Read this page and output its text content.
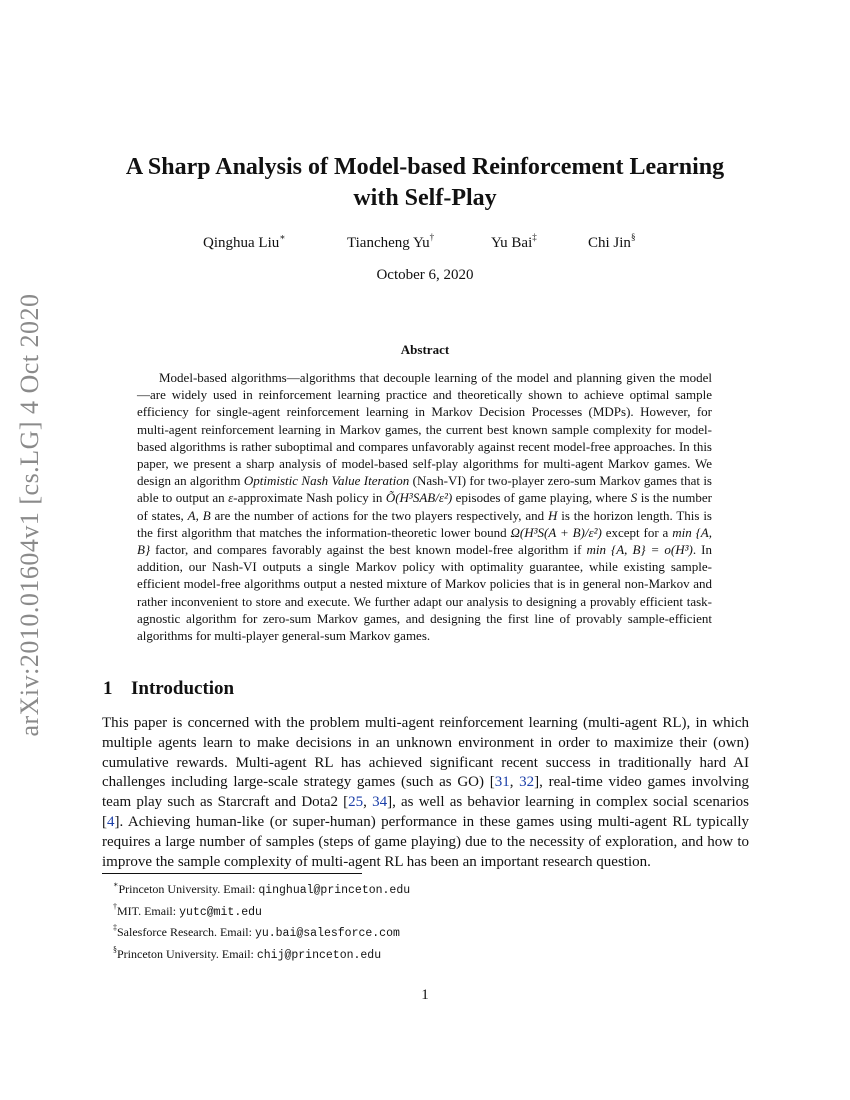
arXiv:2010.01604v1 [cs.LG] 4 Oct 2020
A Sharp Analysis of Model-based Reinforcement Learning
with Self-Play
Qinghua Liu∗	Tiancheng Yu†	Yu Bai‡	Chi Jin§
October 6, 2020
Abstract

Model-based algorithms—algorithms that decouple learning of the model and planning given the model—are widely used in reinforcement learning practice and theoretically shown to achieve optimal sample efficiency for single-agent reinforcement learning in Markov Decision Processes (MDPs). However, for multi-agent reinforcement learning in Markov games, the current best known sample complexity for model-based algorithms is rather suboptimal and compares unfavorably against recent model-free approaches. In this paper, we present a sharp analysis of model-based self-play algorithms for multi-agent Markov games. We design an algorithm Optimistic Nash Value Iteration (Nash-VI) for two-player zero-sum Markov games that is able to output an ε-approximate Nash policy in Õ(H³SAB/ε²) episodes of game playing, where S is the number of states, A, B are the number of actions for the two players respectively, and H is the horizon length. This is the first algorithm that matches the information-theoretic lower bound Ω(H³S(A + B)/ε²) except for a min {A, B} factor, and compares favorably against the best known model-free algorithm if min {A, B} = o(H³). In addition, our Nash-VI outputs a single Markov policy with optimality guarantee, while existing sample-efficient model-free algorithms output a nested mixture of Markov policies that is in general non-Markov and rather inconvenient to store and execute. We further adapt our analysis to designing a provably efficient task-agnostic algorithm for zero-sum Markov games, and designing the first line of provably sample-efficient algorithms for multi-player general-sum Markov games.

1 Introduction

This paper is concerned with the problem multi-agent reinforcement learning (multi-agent RL), in which multiple agents learn to make decisions in an unknown environment in order to maximize their (own) cumulative rewards. Multi-agent RL has achieved significant recent success in traditionally hard AI challenges including large-scale strategy games (such as GO) [31, 32], real-time video games involving team play such as Starcraft and Dota2 [25, 34], as well as behavior learning in complex social scenarios [4]. Achieving human-like (or super-human) performance in these games using multi-agent RL typically requires a large number of samples (steps of game playing) due to the necessity of exploration, and how to improve the sample complexity of multi-agent RL has been an important research question.

∗Princeton University. Email: qinghual@princeton.edu
†MIT. Email: yutc@mit.edu
‡Salesforce Research. Email: yu.bai@salesforce.com
§Princeton University. Email: chij@princeton.edu
1
